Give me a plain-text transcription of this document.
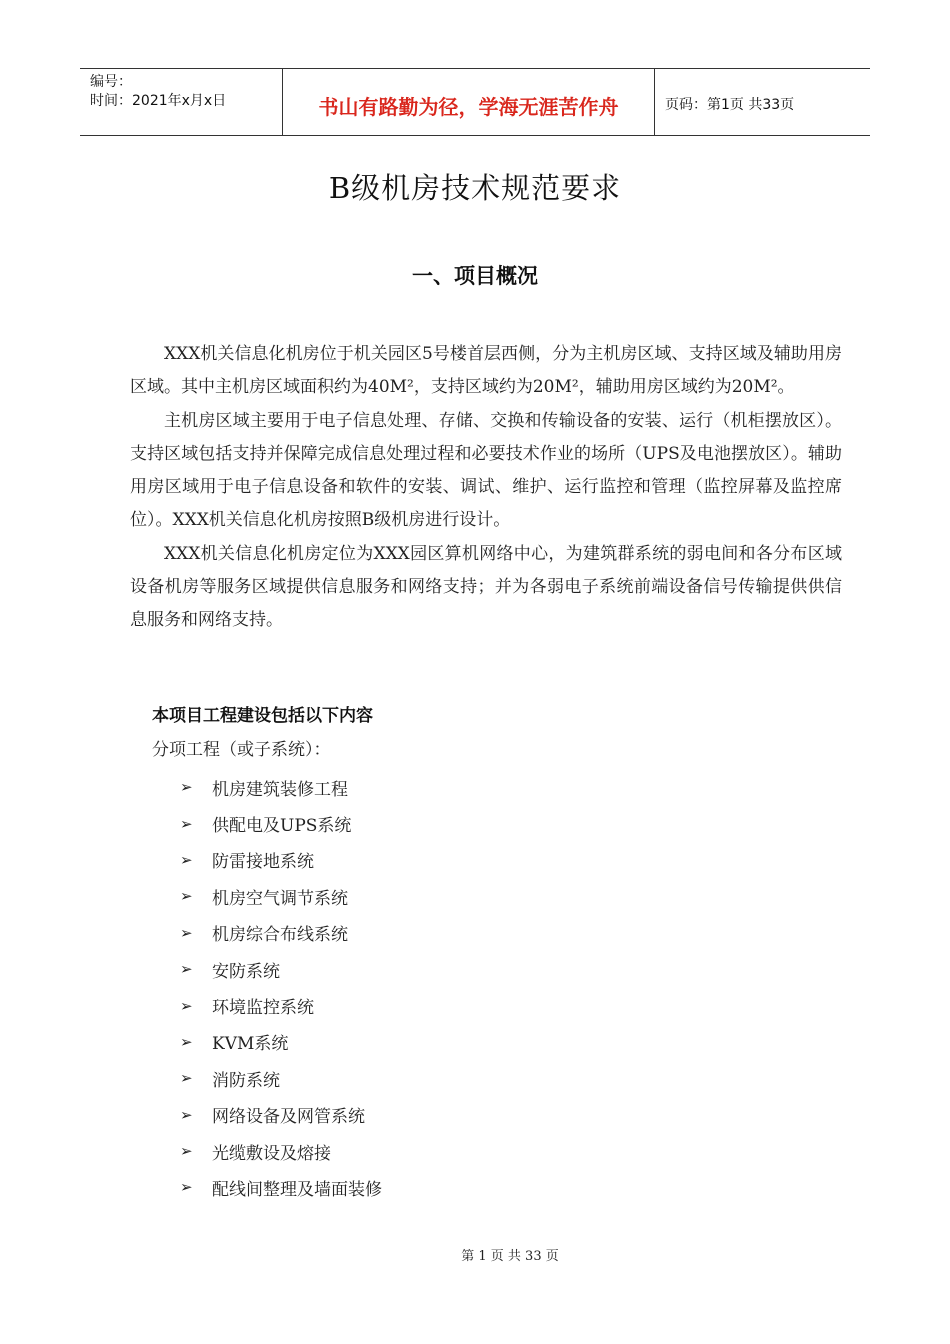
编号：
时间：2021年x月x日	书山有路勤为径，学海无涯苦作舟	页码：第1页 共33页
B级机房技术规范要求
一、项目概况

XXX机关信息化机房位于机关园区5号楼首层西侧，分为主机房区域、支持区域及辅助用房区域。其中主机房区域面积约为40M²，支持区域约为20M²，辅助用房区域约为20M²。

主机房区域主要用于电子信息处理、存储、交换和传输设备的安装、运行（机柜摆放区）。支持区域包括支持并保障完成信息处理过程和必要技术作业的场所（UPS及电池摆放区）。辅助用房区域用于电子信息设备和软件的安装、调试、维护、运行监控和管理（监控屏幕及监控席位）。XXX机关信息化机房按照B级机房进行设计。

XXX机关信息化机房定位为XXX园区算机网络中心，为建筑群系统的弱电间和各分布区域设备机房等服务区域提供信息服务和网络支持；并为各弱电子系统前端设备信号传输提供供信息服务和网络支持。

本项目工程建设包括以下内容
分项工程（或子系统）：
➢	机房建筑装修工程
➢	供配电及UPS系统
➢	防雷接地系统
➢	机房空气调节系统
➢	机房综合布线系统
➢	安防系统
➢	环境监控系统
➢	KVM系统
➢	消防系统
➢	网络设备及网管系统
➢	光缆敷设及熔接
➢	配线间整理及墙面装修
第 1 页 共 33 页
